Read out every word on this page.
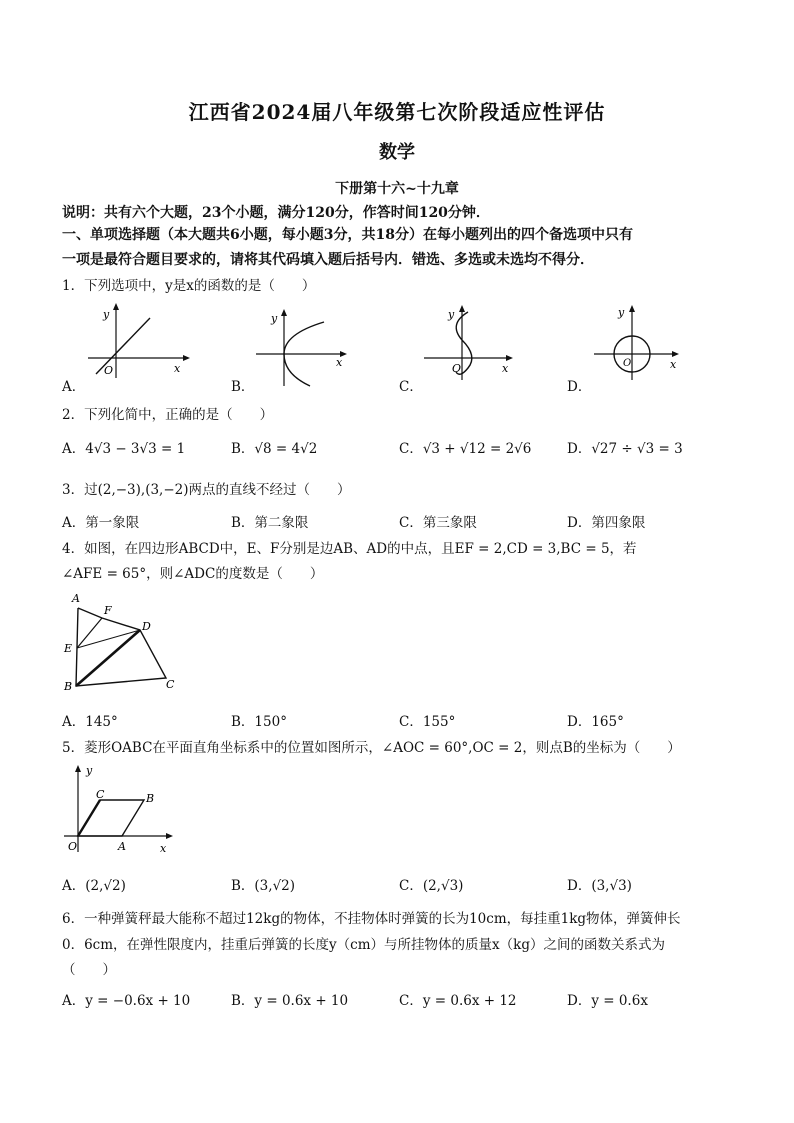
江西省2024届八年级第七次阶段适应性评估
数学
下册第十六~十九章
说明：共有六个大题，23个小题，满分120分，作答时间120分钟．
一、单项选择题（本大题共6小题，每小题3分，共18分）在每小题列出的四个备选项中只有
一项是最符合题目要求的，请将其代码填入题后括号内．错选、多选或未选均不得分．
1．下列选项中，y是x的函数的是（　　）
y
x
O
A．
y
x
B．
y
x
O
C．
y
x
O
D．
2．下列化简中，正确的是（　　）
A．4√3 − 3√3 = 1	B．√8 = 4√2	C．√3 + √12 = 2√6	D．√27 ÷ √3 = 3
3．过(2,−3),(3,−2)两点的直线不经过（　　）
A．第一象限	B．第二象限	C．第三象限	D．第四象限
4．如图，在四边形ABCD中，E、F分别是边AB、AD的中点，且EF = 2,CD = 3,BC = 5，若
∠AFE = 65°，则∠ADC的度数是（　　）
A
F
D
E
B	C
A．145°	B．150°	C．155°	D．165°
5．菱形OABC在平面直角坐标系中的位置如图所示，∠AOC = 60°,OC = 2，则点B的坐标为（　　）
y
x
O
C	B
A
A．(2,√2)	B．(3,√2)	C．(2,√3)	D．(3,√3)
6．一种弹簧秤最大能称不超过12kg的物体，不挂物体时弹簧的长为10cm，每挂重1kg物体，弹簧伸长
0．6cm，在弹性限度内，挂重后弹簧的长度y（cm）与所挂物体的质量x（kg）之间的函数关系式为
（　　）
A．y = −0.6x + 10	B．y = 0.6x + 10	C．y = 0.6x + 12	D．y = 0.6x
